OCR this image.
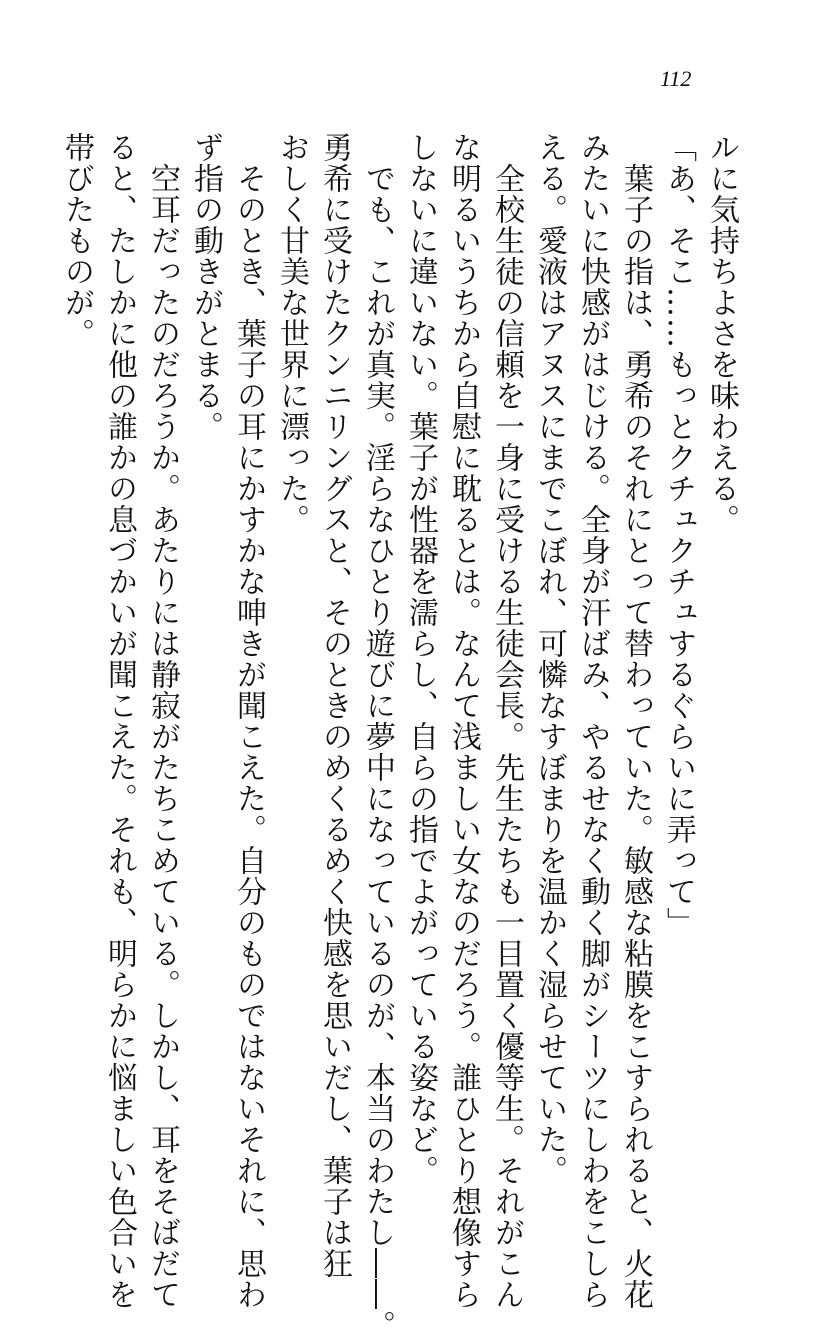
112
ルに気持ちよさを味わえる。
「あ、そこ……もっとクチュクチュするぐらいに弄って」
　葉子の指は、勇希のそれにとって替わっていた。敏感な粘膜をこすられると、火花
みたいに快感がはじける。全身が汗ばみ、やるせなく動く脚がシーツにしわをこしら
える。愛液はアヌスにまでこぼれ、可憐なすぼまりを温かく湿らせていた。
　全校生徒の信頼を一身に受ける生徒会長。先生たちも一目置く優等生。それがこん
な明るいうちから自慰に耽るとは。なんて浅ましい女なのだろう。誰ひとり想像すら
しないに違いない。葉子が性器を濡らし、自らの指でよがっている姿など。
　でも、これが真実。淫らなひとり遊びに夢中になっているのが、本当のわたし――。
勇希に受けたクンニリングスと、そのときのめくるめく快感を思いだし、葉子は狂
おしく甘美な世界に漂った。
　そのとき、葉子の耳にかすかな呻きが聞こえた。自分のものではないそれに、思わ
ず指の動きがとまる。
　空耳だったのだろうか。あたりには静寂がたちこめている。しかし、耳をそばだて
ると、たしかに他の誰かの息づかいが聞こえた。それも、明らかに悩ましい色合いを
帯びたものが。
